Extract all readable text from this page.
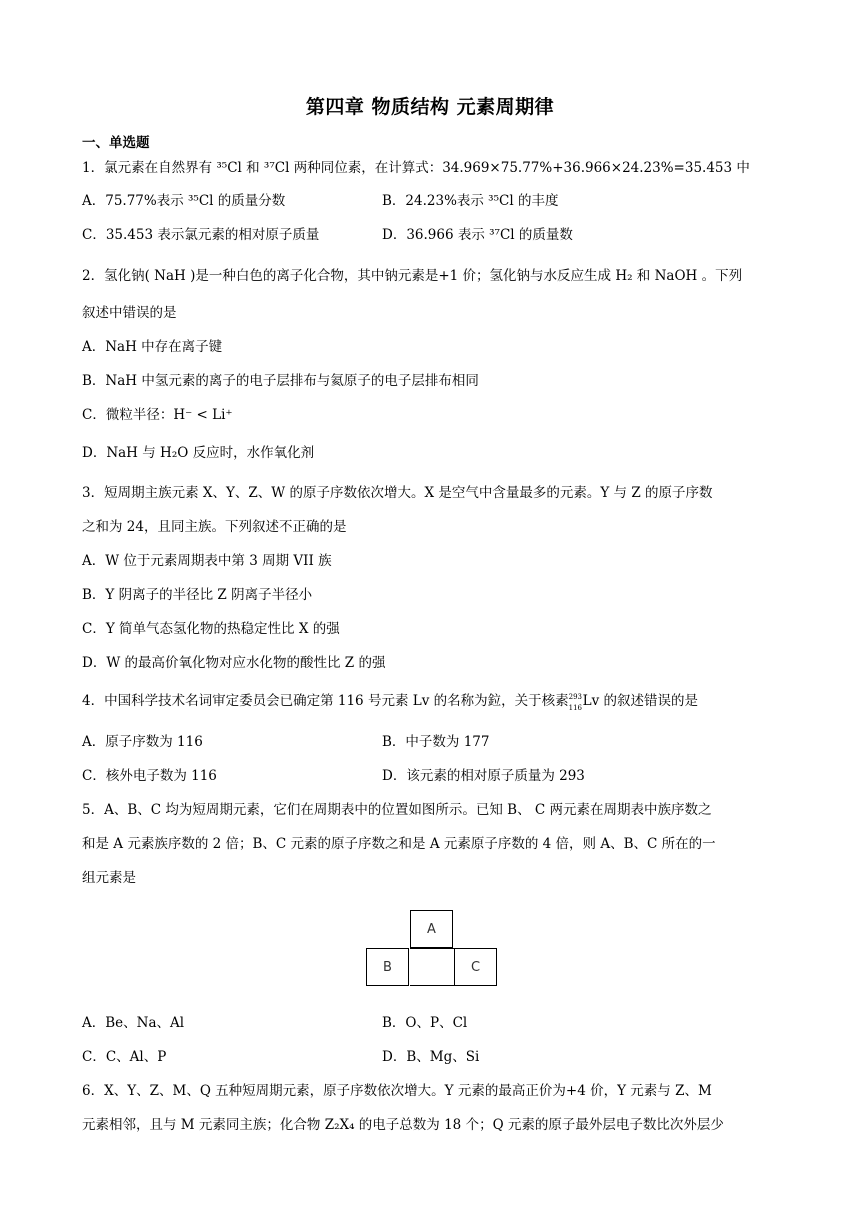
第四章 物质结构 元素周期律
一、单选题
1．氯元素在自然界有 ³⁵Cl 和 ³⁷Cl 两种同位素，在计算式：34.969×75.77%+36.966×24.23%=35.453 中
A．75.77%表示 ³⁵Cl 的质量分数	B．24.23%表示 ³⁵Cl 的丰度
C．35.453 表示氯元素的相对原子质量	D．36.966 表示 ³⁷Cl 的质量数
2．氢化钠( NaH )是一种白色的离子化合物，其中钠元素是+1 价；氢化钠与水反应生成 H₂ 和 NaOH 。下列
叙述中错误的是
A．NaH 中存在离子键
B．NaH 中氢元素的离子的电子层排布与氦原子的电子层排布相同
C．微粒半径：H⁻ < Li⁺
D．NaH 与 H₂O 反应时，水作氧化剂
3．短周期主族元素 X、Y、Z、W 的原子序数依次增大。X 是空气中含量最多的元素。Y 与 Z 的原子序数
之和为 24，且同主族。下列叙述不正确的是
A．W 位于元素周期表中第 3 周期 VII 族
B．Y 阴离子的半径比 Z 阴离子半径小
C．Y 简单气态氢化物的热稳定性比 X 的强
D．W 的最高价氧化物对应水化物的酸性比 Z 的强
4．中国科学技术名词审定委员会已确定第 116 号元素 Lv 的名称为鉝，关于核素 293
116 Lv 的叙述错误的是
A．原子序数为 116	B．中子数为 177
C．核外电子数为 116	D．该元素的相对原子质量为 293
5．A、B、C 均为短周期元素，它们在周期表中的位置如图所示。已知 B、 C 两元素在周期表中族序数之
和是 A 元素族序数的 2 倍；B、C 元素的原子序数之和是 A 元素原子序数的 4 倍，则 A、B、C 所在的一
组元素是
A
B	C
A．Be、Na、Al	B．O、P、Cl
C．C、Al、P	D．B、Mg、Si
6．X、Y、Z、M、Q 五种短周期元素，原子序数依次增大。Y 元素的最高正价为+4 价，Y 元素与 Z、M
元素相邻，且与 M 元素同主族；化合物 Z₂X₄ 的电子总数为 18 个；Q 元素的原子最外层电子数比次外层少
